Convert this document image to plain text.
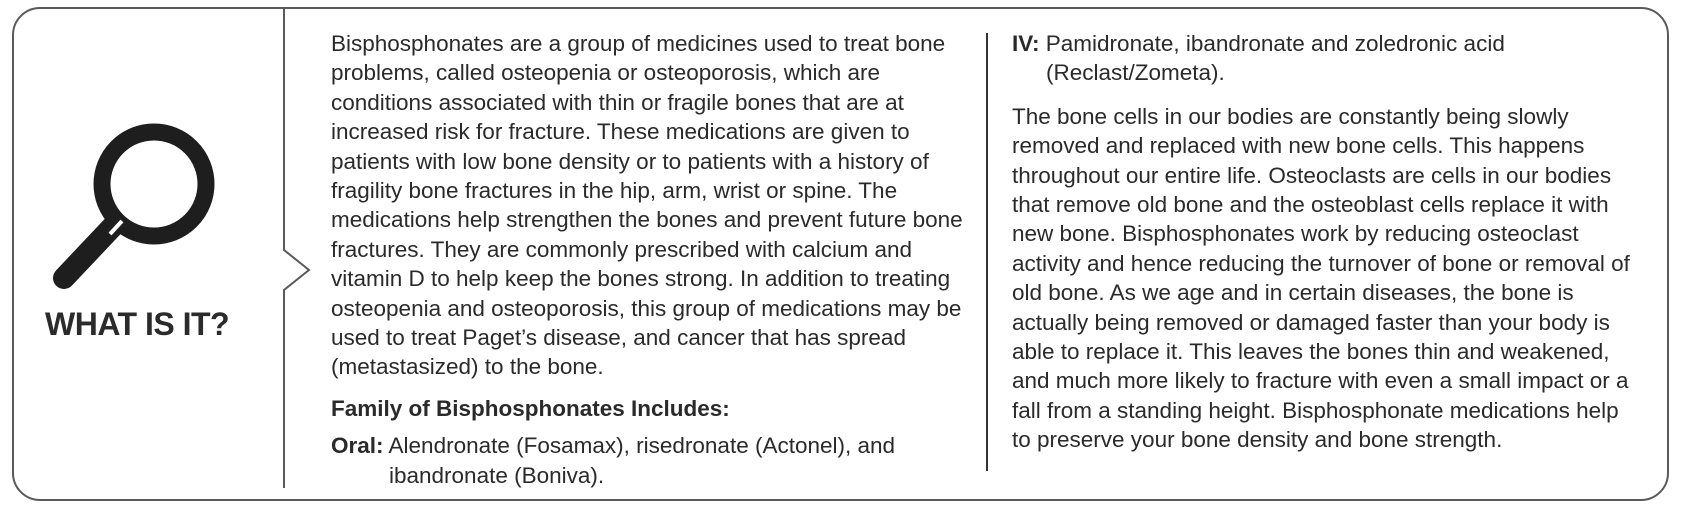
WHAT IS IT?

Bisphosphonates are a group of medicines used to treat bone problems, called osteopenia or osteoporosis, which are conditions associated with thin or fragile bones that are at increased risk for fracture. These medications are given to patients with low bone density or to patients with a history of fragility bone fractures in the hip, arm, wrist or spine. The medications help strengthen the bones and prevent future bone fractures. They are commonly prescribed with calcium and vitamin D to help keep the bones strong. In addition to treating osteopenia and osteoporosis, this group of medications may be used to treat Paget’s disease, and cancer that has spread (metastasized) to the bone.

Family of Bisphosphonates Includes:

Oral: Alendronate (Fosamax), risedronate (Actonel), and
ibandronate (Boniva).

IV: Pamidronate, ibandronate and zoledronic acid
(Reclast/Zometa).

The bone cells in our bodies are constantly being slowly removed and replaced with new bone cells. This happens throughout our entire life. Osteoclasts are cells in our bodies that remove old bone and the osteoblast cells replace it with new bone. Bisphosphonates work by reducing osteoclast activity and hence reducing the turnover of bone or removal of old bone. As we age and in certain diseases, the bone is actually being removed or damaged faster than your body is able to replace it. This leaves the bones thin and weakened, and much more likely to fracture with even a small impact or a fall from a standing height. Bisphosphonate medications help to preserve your bone density and bone strength.
